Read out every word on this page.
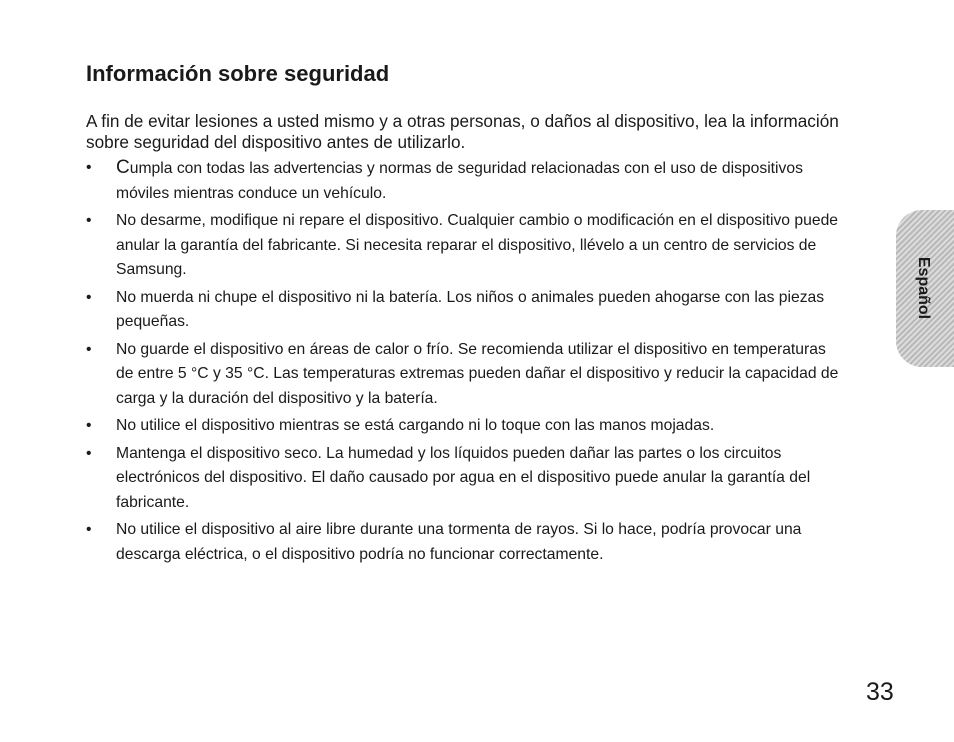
Información sobre seguridad

A fin de evitar lesiones a usted mismo y a otras personas, o daños al dispositivo, lea la información sobre seguridad del dispositivo antes de utilizarlo.

• Cumpla con todas las advertencias y normas de seguridad relacionadas con el uso de dispositivos móviles mientras conduce un vehículo.
• No desarme, modifique ni repare el dispositivo. Cualquier cambio o modificación en el dispositivo puede anular la garantía del fabricante. Si necesita reparar el dispositivo, llévelo a un centro de servicios de Samsung.
• No muerda ni chupe el dispositivo ni la batería. Los niños o animales pueden ahogarse con las piezas pequeñas.
• No guarde el dispositivo en áreas de calor o frío. Se recomienda utilizar el dispositivo en temperaturas de entre 5 °C y 35 °C. Las temperaturas extremas pueden dañar el dispositivo y reducir la capacidad de carga y la duración del dispositivo y la batería.
• No utilice el dispositivo mientras se está cargando ni lo toque con las manos mojadas.
• Mantenga el dispositivo seco. La humedad y los líquidos pueden dañar las partes o los circuitos electrónicos del dispositivo. El daño causado por agua en el dispositivo puede anular la garantía del fabricante.
• No utilice el dispositivo al aire libre durante una tormenta de rayos. Si lo hace, podría provocar una descarga eléctrica, o el dispositivo podría no funcionar correctamente.
Español
33
